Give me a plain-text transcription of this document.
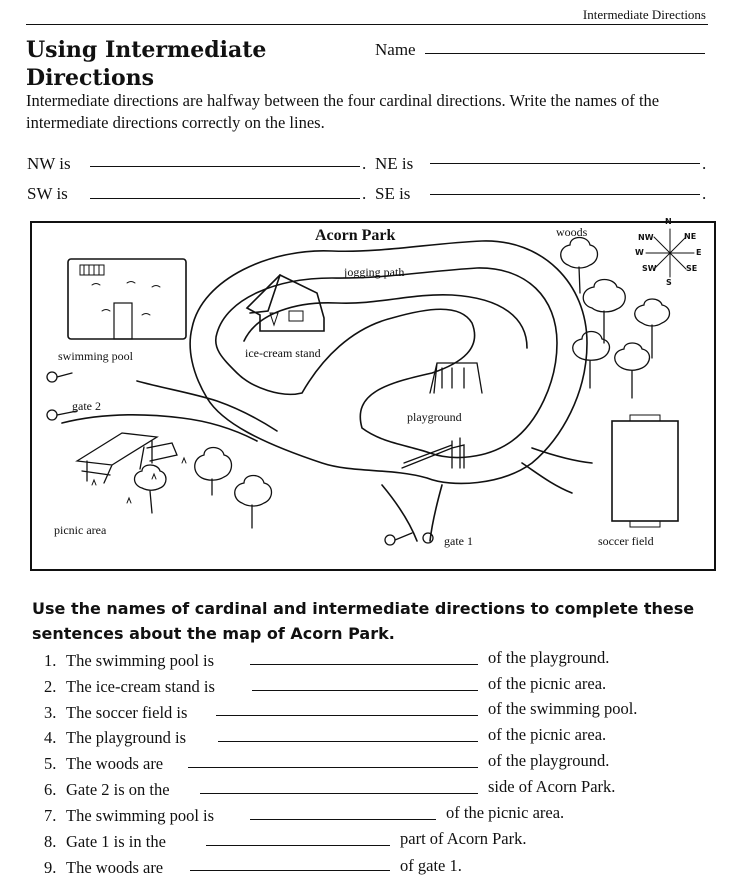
Intermediate Directions
Using Intermediate
Directions
Name
Intermediate directions are halfway between the four cardinal directions. Write the names of the intermediate directions correctly on the lines.
NW is	. NE is	.
SW is	. SE is	.
Acorn Park
jogging path
swimming pool	ice-cream stand
playground
woods
gate 2
gate 1
picnic area
soccer field
N
S
E
W
NE
NW
SE
SW
Use the names of cardinal and intermediate directions to complete these sentences about the map of Acorn Park.
1. The swimming pool is	of the playground.
2. The ice-cream stand is	of the picnic area.
3. The soccer field is	of the swimming pool.
4. The playground is	of the picnic area.
5. The woods are	of the playground.
6. Gate 2 is on the	side of Acorn Park.
7. The swimming pool is	of the picnic area.
8. Gate 1 is in the	part of Acorn Park.
9. The woods are	of gate 1.
